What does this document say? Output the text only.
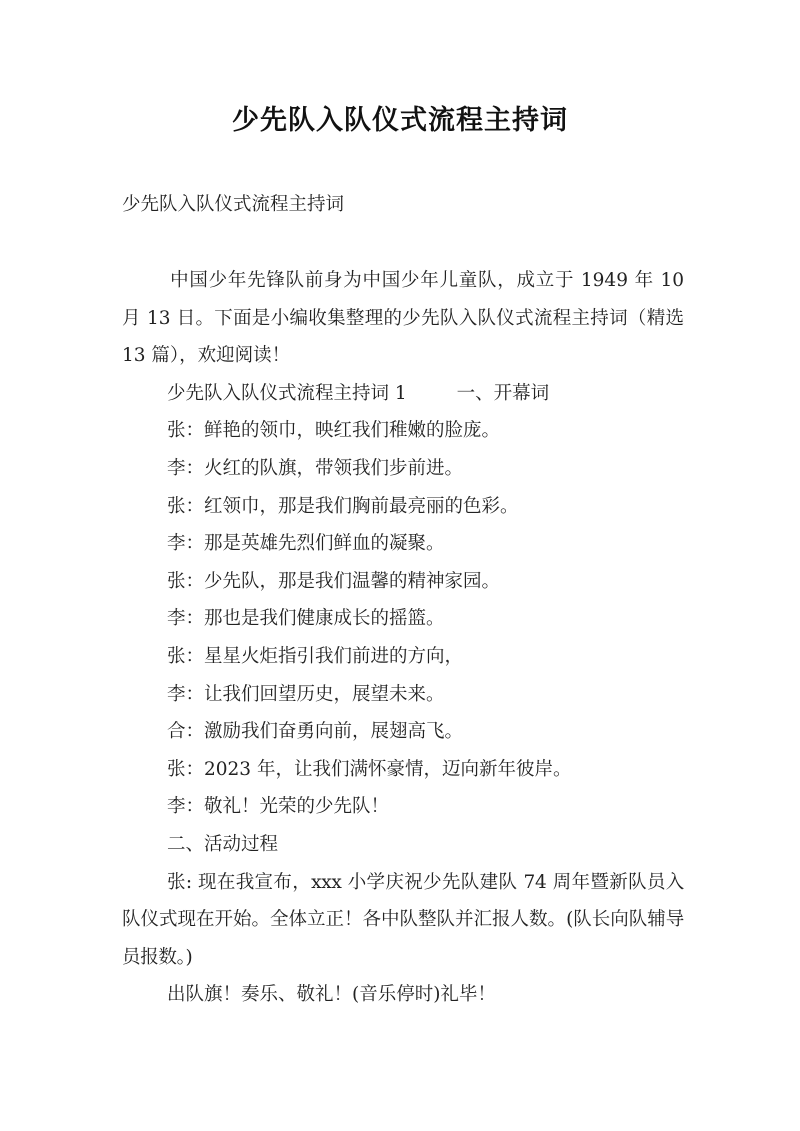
少先队入队仪式流程主持词

少先队入队仪式流程主持词

中国少年先锋队前身为中国少年儿童队，成立于 1949 年 10 月 13 日。下面是小编收集整理的少先队入队仪式流程主持词（精选 13 篇），欢迎阅读！

少先队入队仪式流程主持词 1	一、开幕词

张：鲜艳的领巾，映红我们稚嫩的脸庞。

李：火红的队旗，带领我们步前进。

张：红领巾，那是我们胸前最亮丽的色彩。

李：那是英雄先烈们鲜血的凝聚。

张：少先队，那是我们温馨的精神家园。

李：那也是我们健康成长的摇篮。

张：星星火炬指引我们前进的方向，

李：让我们回望历史，展望未来。

合：激励我们奋勇向前，展翅高飞。

张：2023 年，让我们满怀豪情，迈向新年彼岸。

李：敬礼！光荣的少先队！

二、活动过程

张: 现在我宣布，xxx 小学庆祝少先队建队 74 周年暨新队员入队仪式现在开始。全体立正！各中队整队并汇报人数。(队长向队辅导员报数。)

出队旗！奏乐、敬礼！(音乐停时)礼毕！
